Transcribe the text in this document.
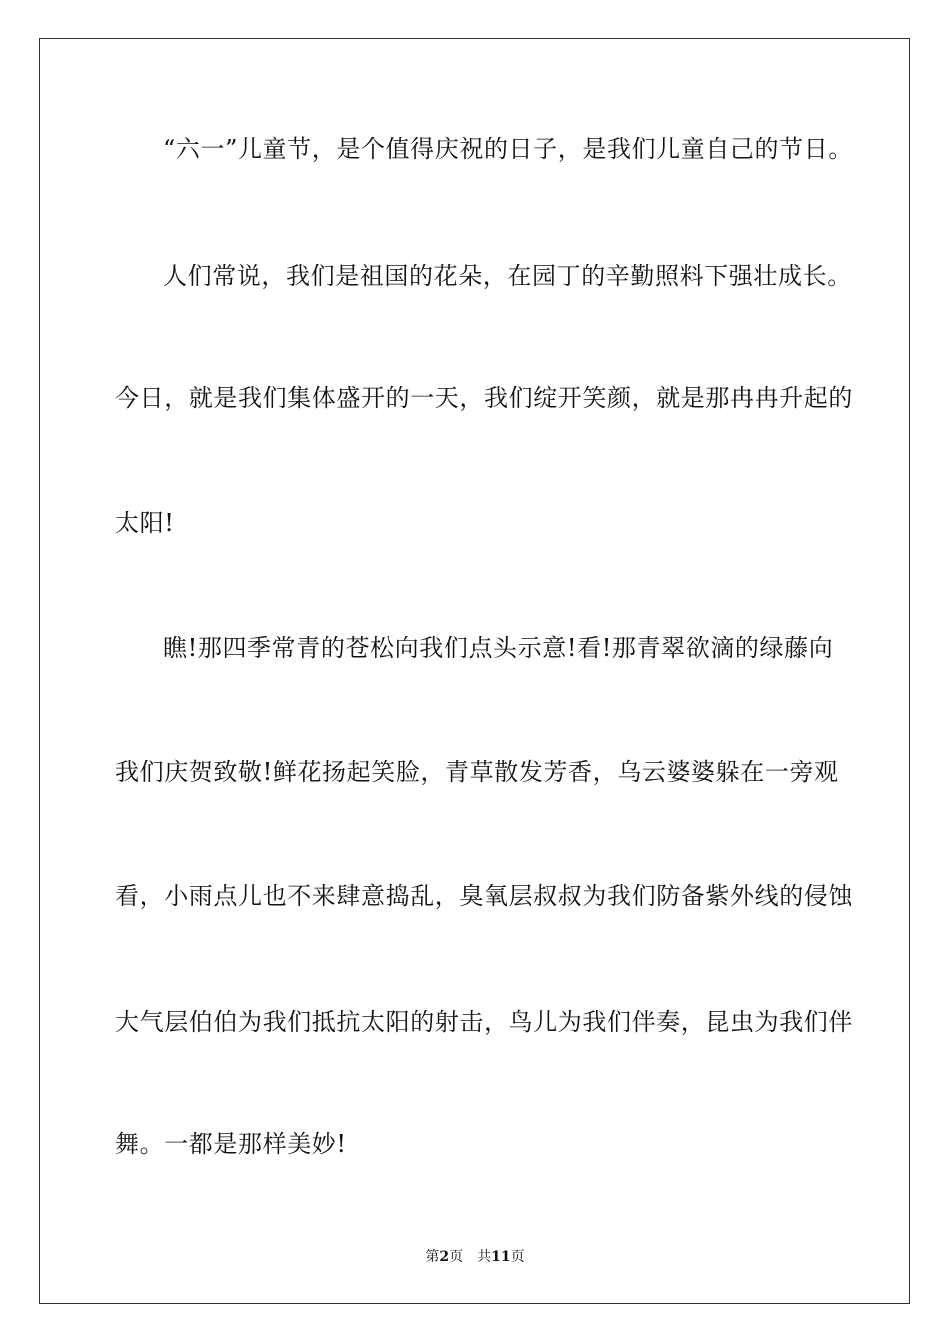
“六一”儿童节，是个值得庆祝的日子，是我们儿童自己的节日。
人们常说，我们是祖国的花朵，在园丁的辛勤照料下强壮成长。
今日，就是我们集体盛开的一天，我们绽开笑颜，就是那冉冉升起的
太阳!
瞧!那四季常青的苍松向我们点头示意!看!那青翠欲滴的绿藤向
我们庆贺致敬!鲜花扬起笑脸，青草散发芳香，乌云婆婆躲在一旁观
看，小雨点儿也不来肆意捣乱，臭氧层叔叔为我们防备紫外线的侵蚀
大气层伯伯为我们抵抗太阳的射击，鸟儿为我们伴奏，昆虫为我们伴
舞。一都是那样美妙!
第2页 共11页
